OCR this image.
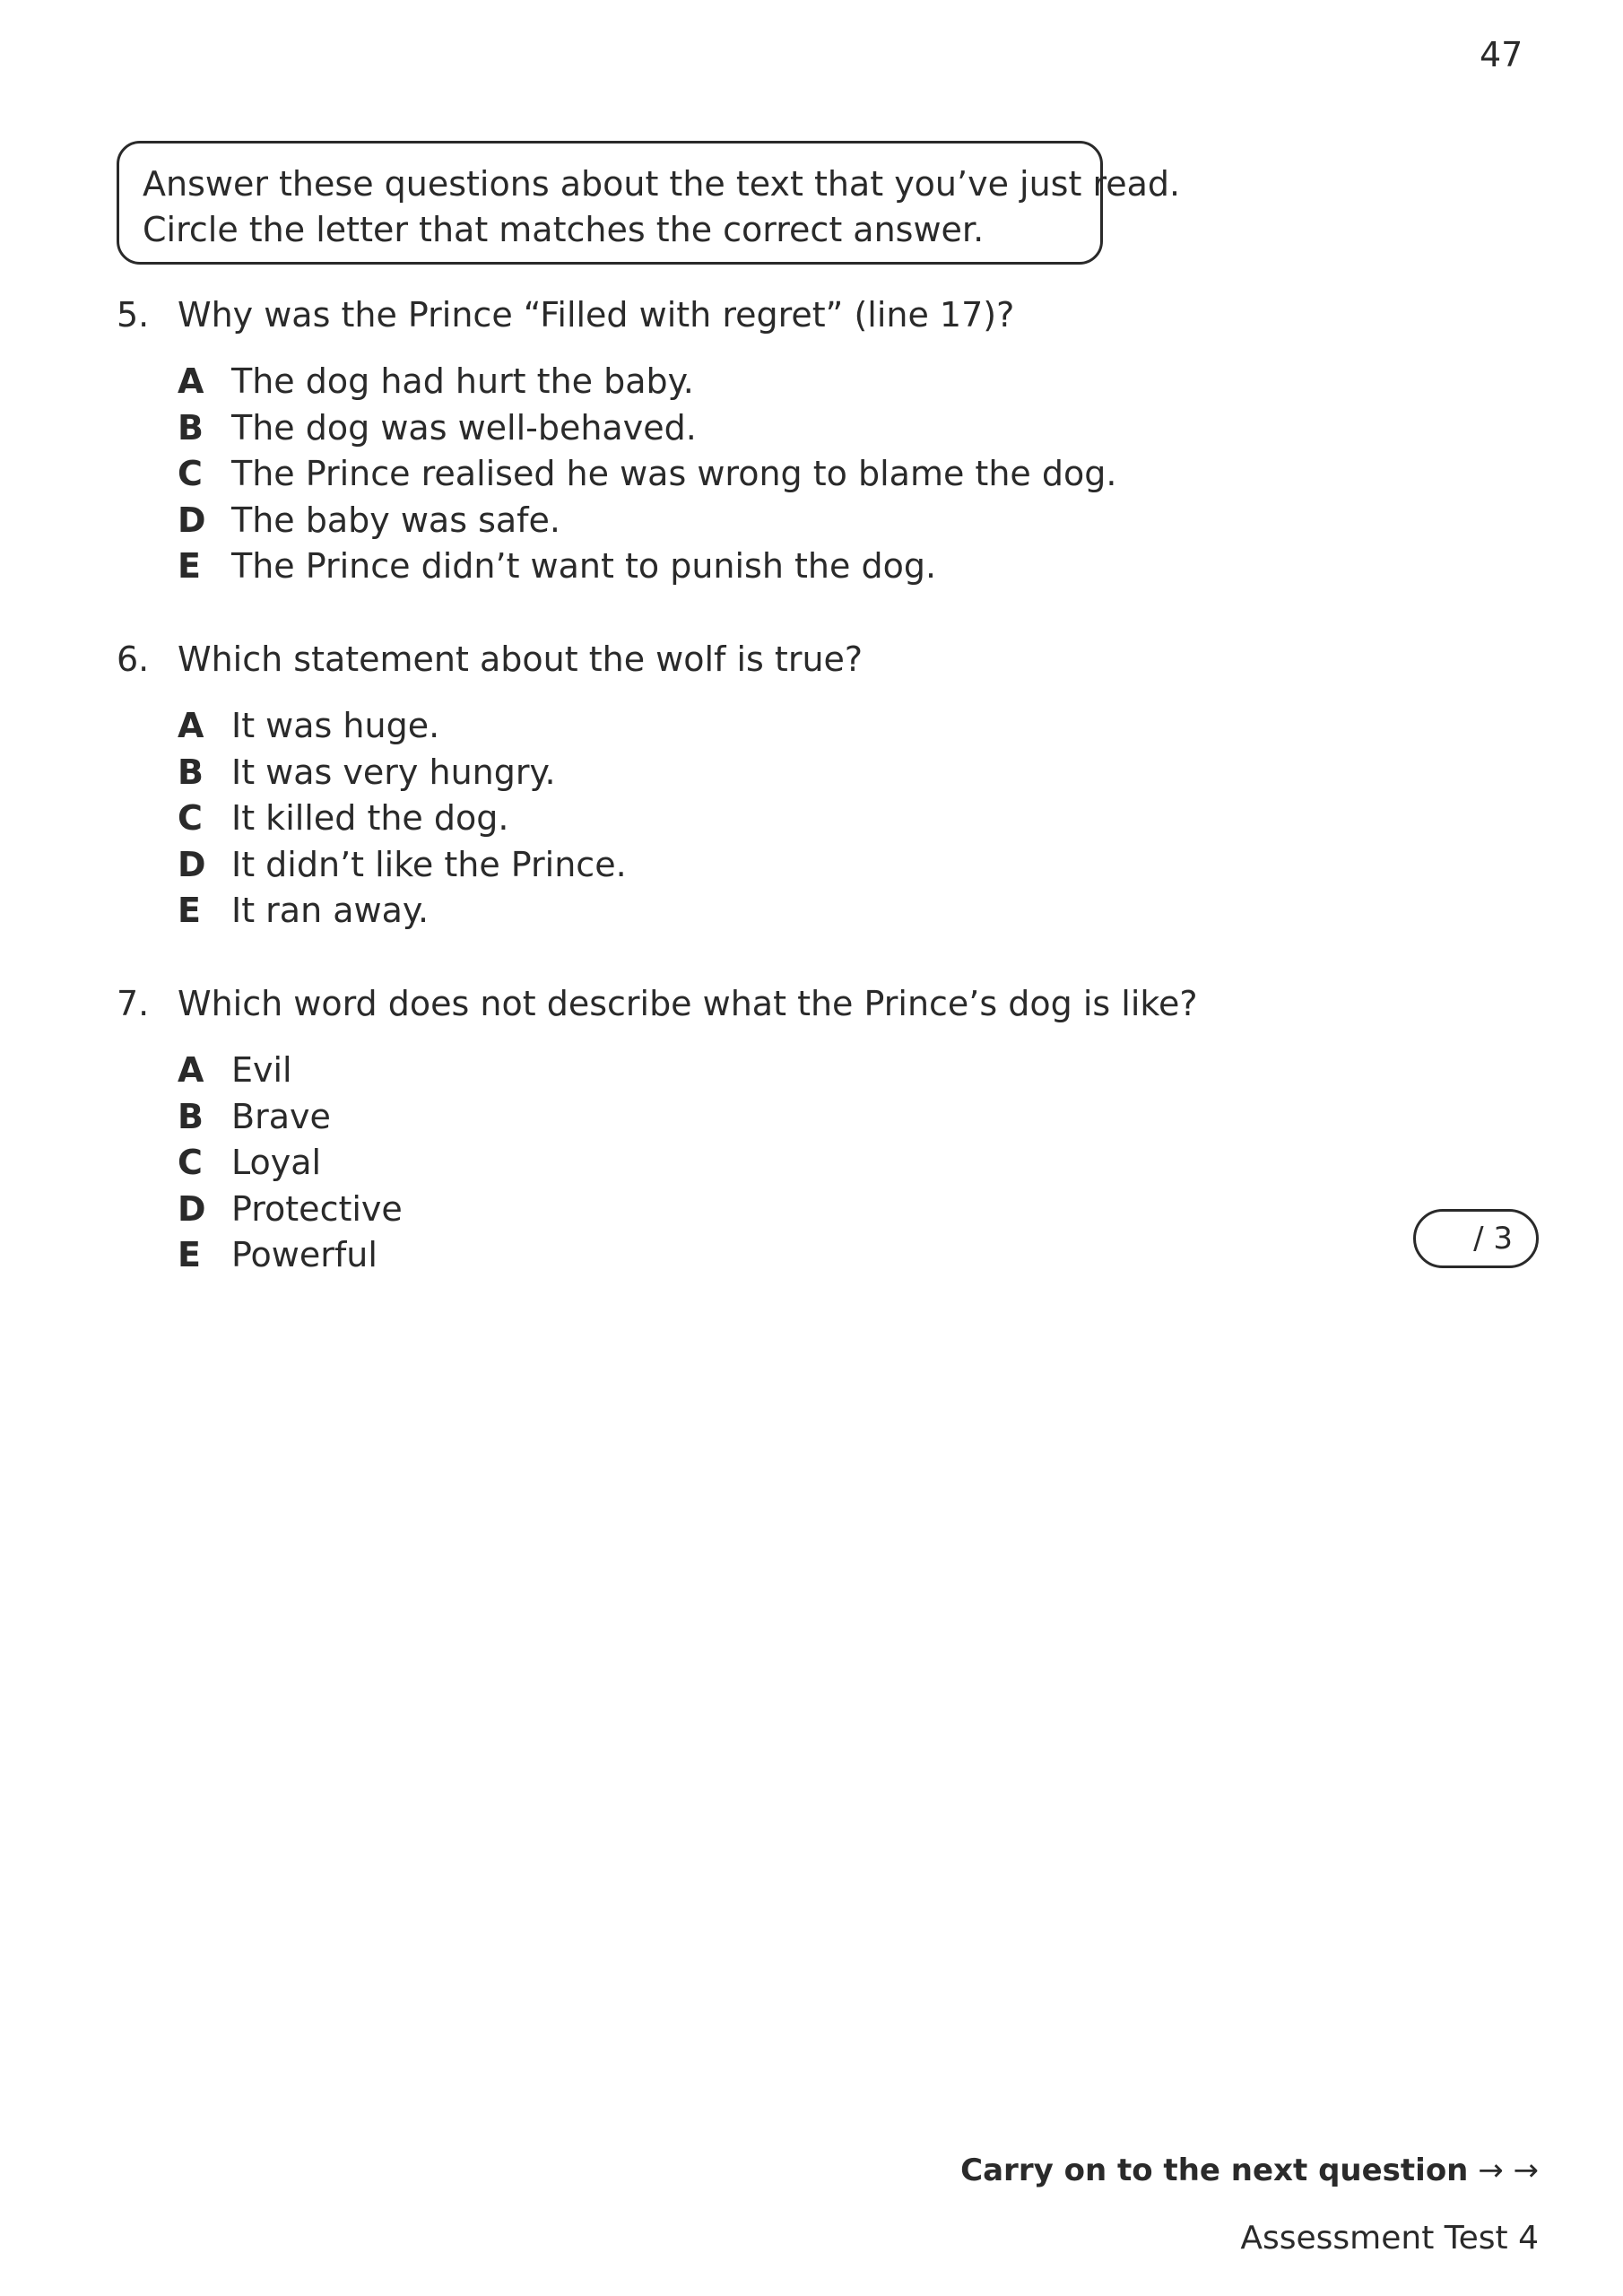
47
Answer these questions about the text that you’ve just read.
Circle the letter that matches the correct answer.
5. Why was the Prince “Filled with regret” (line 17)?
A The dog had hurt the baby.
B The dog was well-behaved.
C The Prince realised he was wrong to blame the dog.
D The baby was safe.
E The Prince didn’t want to punish the dog.
6. Which statement about the wolf is true?
A It was huge.
B It was very hungry.
C It killed the dog.
D It didn’t like the Prince.
E It ran away.
7. Which word does not describe what the Prince’s dog is like?
A Evil
B Brave
C Loyal
D Protective
E Powerful	/ 3
Carry on to the next question → →
Assessment Test 4
